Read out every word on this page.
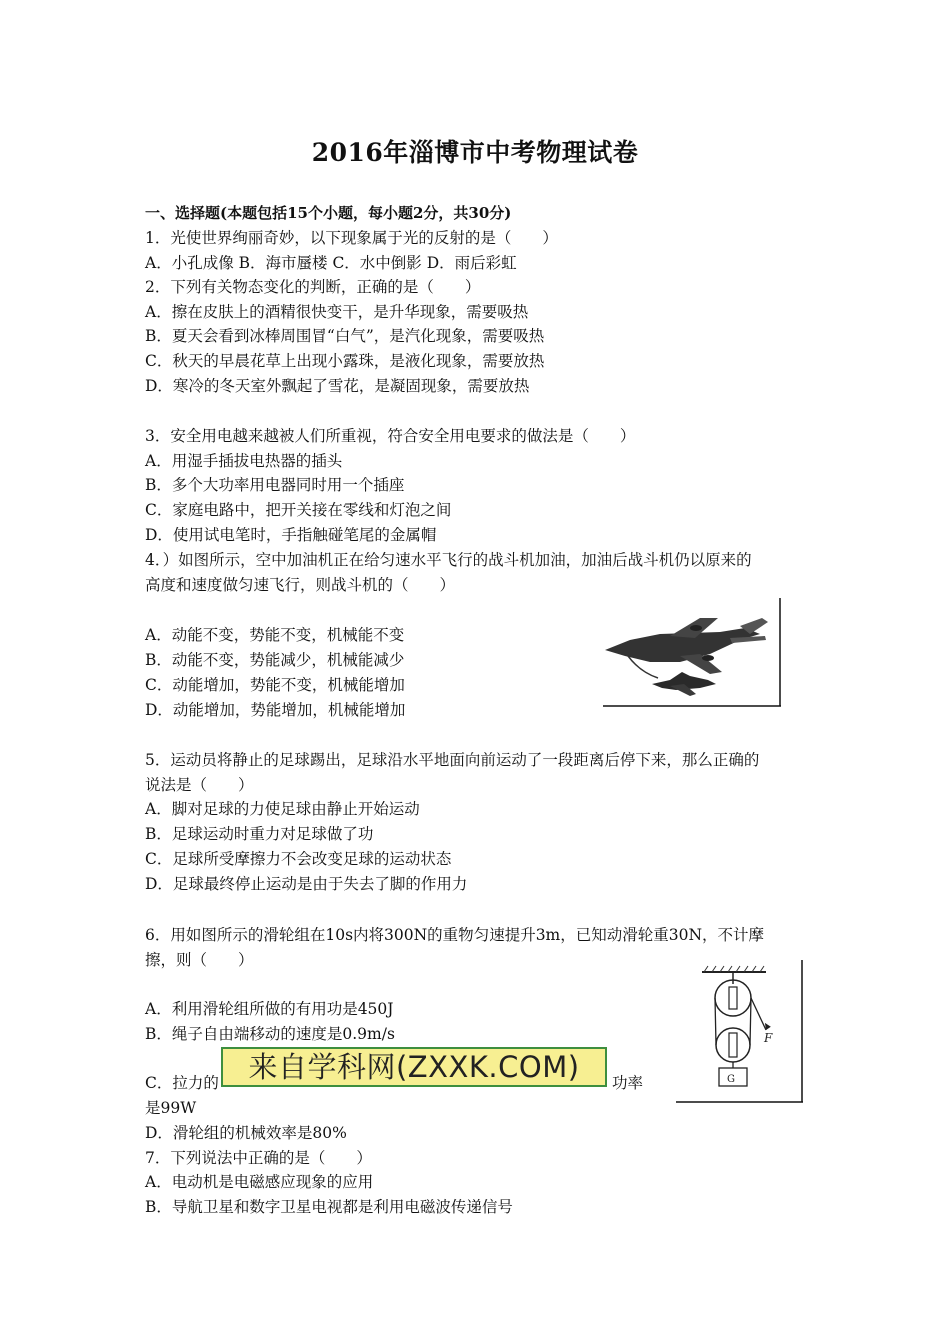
2016年淄博市中考物理试卷
一、选择题(本题包括15个小题，每小题2分，共30分)
1．光使世界绚丽奇妙，以下现象属于光的反射的是（　　）
A．小孔成像 B．海市蜃楼 C．水中倒影 D．雨后彩虹
2．下列有关物态变化的判断，正确的是（　　）
A．擦在皮肤上的酒精很快变干，是升华现象，需要吸热
B．夏天会看到冰棒周围冒“白气”，是汽化现象，需要吸热
C．秋天的早晨花草上出现小露珠，是液化现象，需要放热
D．寒冷的冬天室外飘起了雪花，是凝固现象，需要放热
3．安全用电越来越被人们所重视，符合安全用电要求的做法是（　　）
A．用湿手插拔电热器的插头
B．多个大功率用电器同时用一个插座
C．家庭电路中，把开关接在零线和灯泡之间
D．使用试电笔时，手指触碰笔尾的金属帽
4．）如图所示，空中加油机正在给匀速水平飞行的战斗机加油，加油后战斗机仍以原来的
高度和速度做匀速飞行，则战斗机的（　　）
A．动能不变，势能不变，机械能不变
B．动能不变，势能减少，机械能减少
C．动能增加，势能不变，机械能增加
D．动能增加，势能增加，机械能增加
5．运动员将静止的足球踢出，足球沿水平地面向前运动了一段距离后停下来，那么正确的
说法是（　　）
A．脚对足球的力使足球由静止开始运动
B．足球运动时重力对足球做了功
C．足球所受摩擦力不会改变足球的运动状态
D．足球最终停止运动是由于失去了脚的作用力
6．用如图所示的滑轮组在10s内将300N的重物匀速提升3m，已知动滑轮重30N，不计摩
擦，则（　　）
F
G
A．利用滑轮组所做的有用功是450J
B．绳子自由端移动的速度是0.9m/s
C．拉力的	功率
是99W
D．滑轮组的机械效率是80%
来自学科网(ZXXK.COM)
7．下列说法中正确的是（　　）
A．电动机是电磁感应现象的应用
B．导航卫星和数字卫星电视都是利用电磁波传递信号
